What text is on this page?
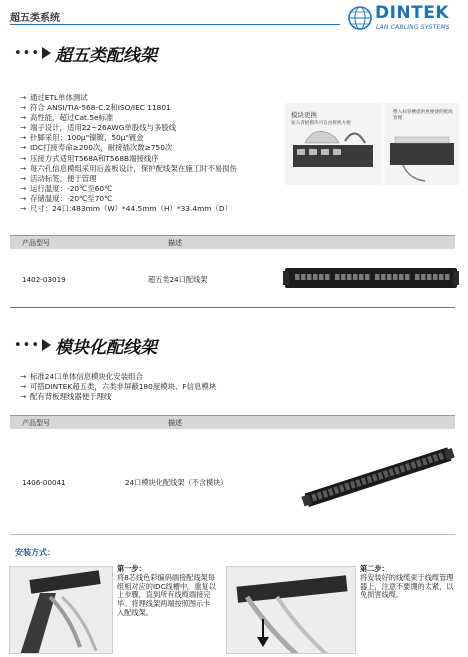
超五类系统	DINTEK
LAN CABLING SYSTEMS
••• 超五类配线架
→ 通过ETL单体测试
→ 符合 ANSI/TIA-568-C.2和ISO/IEC 11801
→ 高性能，超过Cat.5e标准
→ 端子设计，适用22~26AWG单股线与多股线
→ 针脚采用：100μ"镍镀，50μ"镀金
→ IDC打接寿命≥200次，耐接插次数≥750次
→ 压接方式适用T568A和T568B端接线序
→ 每六孔信息模组采用后盖板设计，保护配线架在施工时不易损伤
→ 活动标签，便于管理
→ 运行温度：-20℃至60℃
→ 存储温度：-20℃至70℃
→ 尺寸：24口:483mm（W）*44.5mm（H）*33.4mm（D）
模块更换
如入背板模块可自由拆换方便
整入标签槽提供更便捷的配线管理
产品型号	描述
1402-03019	超五类24口配线架
••• 模块化配线架
→ 标准24口单体信息模块化安装组合
→ 可搭DINTEK超五类，六类非屏蔽180度模块、F信息模块
→ 配有背板理线器便于理线
产品型号	描述
1406-00041	24口模块化配线架（不含模块）
安装方式：
第一步：
将8芯线色彩编码端接配线架每组相对应的IDC线槽中。重复以上步骤，直到所有线缆端接完毕。将理线架两端按照图示卡入配线架。
第二步：
将安装好的线缆束于线缆管理器上，注意不要绷的太紧，以免损害线缆。
